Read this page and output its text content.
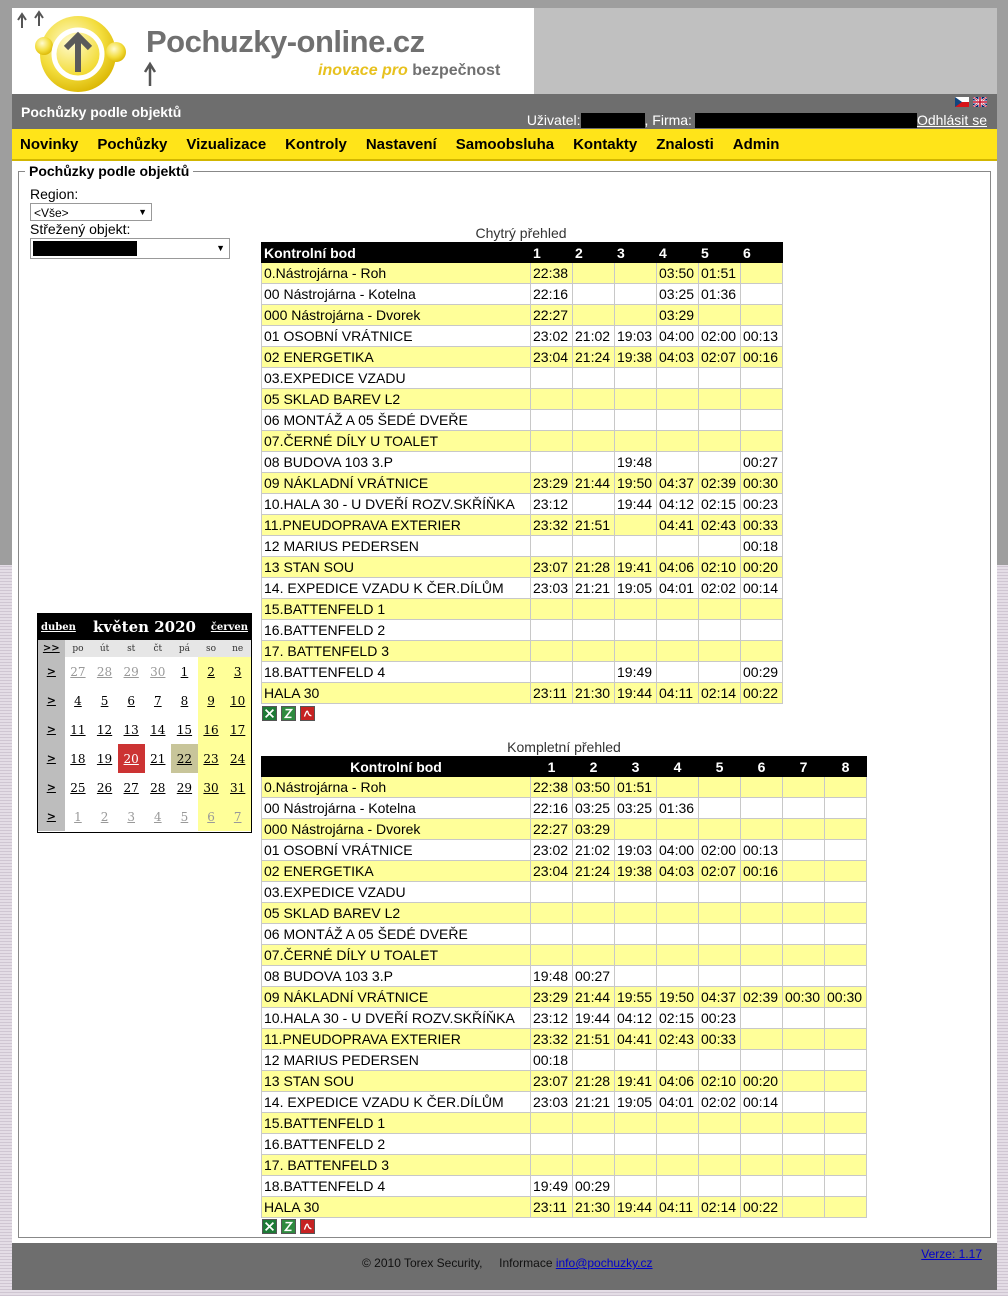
Pochuzky-online.cz
inovace pro bezpečnost
Pochůzky podle objektů	Uživatel:	, Firma:	Odhlásit se
Novinky Pochůzky Vizualizace Kontroly Nastavení Samoobsluha Kontakty Znalosti Admin
Pochůzky podle objektů
Region:
<Vše>	▼
Střežený objekt:
▼
duben	květen 2020	červen
>>	po	út	st	čt	pá	so	ne
>	27	28	29	30	1	2	3
>	4	5	6	7	8	9	10
>	11	12	13	14	15	16	17
>	18	19	20	21	22	23	24
>	25	26	27	28	29	30	31
>	1	2	3	4	5	6	7
Chytrý přehled
Kontrolní bod	1	2	3	4	5	6
0.Nástrojárna - Roh	22:38			03:50	01:51	
00 Nástrojárna - Kotelna	22:16			03:25	01:36	
000 Nástrojárna - Dvorek	22:27			03:29		
01 OSOBNÍ VRÁTNICE	23:02	21:02	19:03	04:00	02:00	00:13
02 ENERGETIKA	23:04	21:24	19:38	04:03	02:07	00:16
03.EXPEDICE VZADU						
05 SKLAD BAREV L2						
06 MONTÁŽ A 05 ŠEDÉ DVEŘE						
07.ČERNÉ DÍLY U TOALET						
08 BUDOVA 103 3.P			19:48			00:27
09 NÁKLADNÍ VRÁTNICE	23:29	21:44	19:50	04:37	02:39	00:30
10.HALA 30 - U DVEŘÍ ROZV.SKŘÍŇKA	23:12		19:44	04:12	02:15	00:23
11.PNEUDOPRAVA EXTERIER	23:32	21:51		04:41	02:43	00:33
12 MARIUS PEDERSEN						00:18
13 STAN SOU	23:07	21:28	19:41	04:06	02:10	00:20
14. EXPEDICE VZADU K ČER.DÍLŮM	23:03	21:21	19:05	04:01	02:02	00:14
15.BATTENFELD 1						
16.BATTENFELD 2						
17. BATTENFELD 3						
18.BATTENFELD 4			19:49			00:29
HALA 30	23:11	21:30	19:44	04:11	02:14	00:22
Kompletní přehled
Kontrolní bod	1	2	3	4	5	6	7	8
0.Nástrojárna - Roh	22:38	03:50	01:51					
00 Nástrojárna - Kotelna	22:16	03:25	03:25	01:36				
000 Nástrojárna - Dvorek	22:27	03:29						
01 OSOBNÍ VRÁTNICE	23:02	21:02	19:03	04:00	02:00	00:13		
02 ENERGETIKA	23:04	21:24	19:38	04:03	02:07	00:16		
03.EXPEDICE VZADU								
05 SKLAD BAREV L2								
06 MONTÁŽ A 05 ŠEDÉ DVEŘE								
07.ČERNÉ DÍLY U TOALET								
08 BUDOVA 103 3.P	19:48	00:27						
09 NÁKLADNÍ VRÁTNICE	23:29	21:44	19:55	19:50	04:37	02:39	00:30	00:30
10.HALA 30 - U DVEŘÍ ROZV.SKŘÍŇKA	23:12	19:44	04:12	02:15	00:23			
11.PNEUDOPRAVA EXTERIER	23:32	21:51	04:41	02:43	00:33			
12 MARIUS PEDERSEN	00:18							
13 STAN SOU	23:07	21:28	19:41	04:06	02:10	00:20		
14. EXPEDICE VZADU K ČER.DÍLŮM	23:03	21:21	19:05	04:01	02:02	00:14		
15.BATTENFELD 1								
16.BATTENFELD 2								
17. BATTENFELD 3								
18.BATTENFELD 4	19:49	00:29						
HALA 30	23:11	21:30	19:44	04:11	02:14	00:22		
© 2010 Torex Security, Informace info@pochuzky.cz
Verze: 1.17
